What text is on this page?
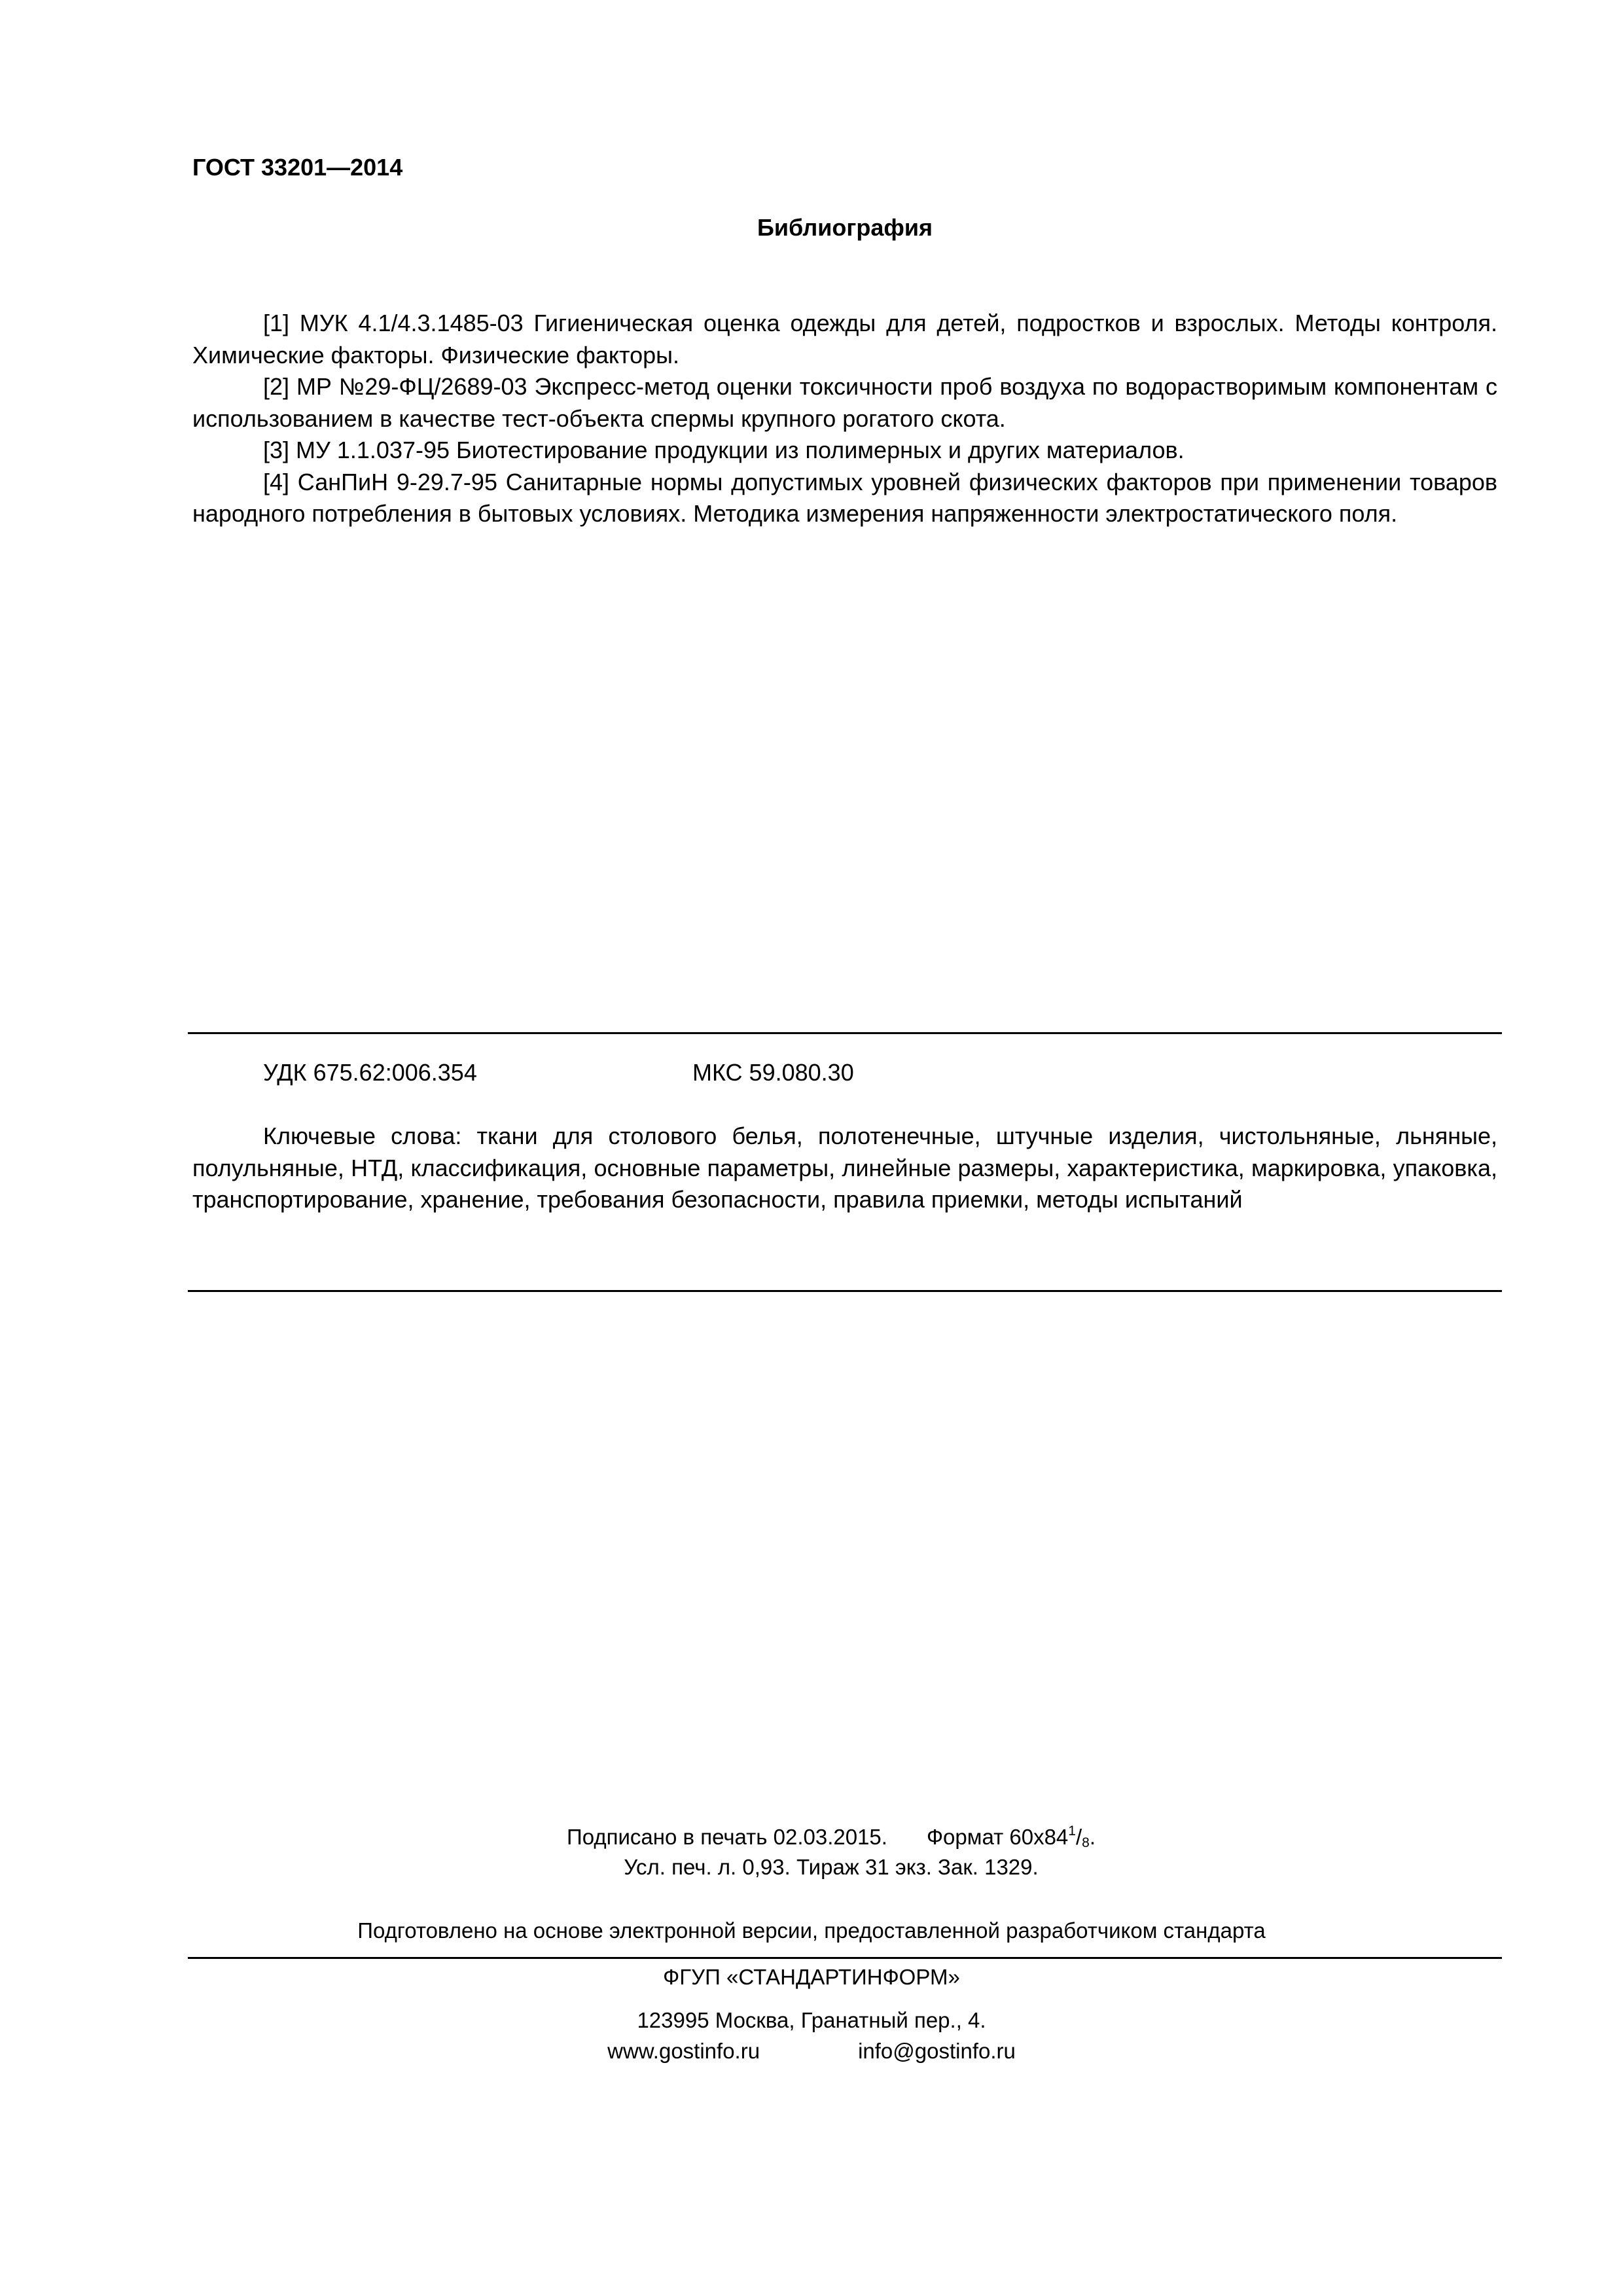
ГОСТ 33201—2014

Библиография

[1] МУК 4.1/4.3.1485-03 Гигиеническая оценка одежды для детей, подростков и взрослых. Методы контроля. Химические факторы. Физические факторы.
[2] МР №29-ФЦ/2689-03 Экспресс-метод оценки токсичности проб воздуха по водорастворимым компонентам с использованием в качестве тест-объекта спермы крупного рогатого скота.
[3] МУ 1.1.037-95 Биотестирование продукции из полимерных и других материалов.
[4] СанПиН 9-29.7-95 Санитарные нормы допустимых уровней физических факторов при применении товаров народного потребления в бытовых условиях. Методика измерения напряженности электростатического поля.

УДК 675.62:006.354	МКС 59.080.30

Ключевые слова: ткани для столового белья, полотенечные, штучные изделия, чистольняные, льняные, полульняные, НТД, классификация, основные параметры, линейные размеры, характеристика, маркировка, упаковка, транспортирование, хранение, требования безопасности, правила приемки, методы испытаний

Подписано в печать 02.03.2015. Формат $60х84^1/_8$.

Усл. печ. л. 0,93. Тираж 31 экз. Зак. 1329.

Подготовлено на основе электронной версии, предоставленной разработчиком стандарта

ФГУП «СТАНДАРТИНФОРМ»

123995 Москва, Гранатный пер., 4.

www.gostinfo.ru	info@gostinfo.ru
